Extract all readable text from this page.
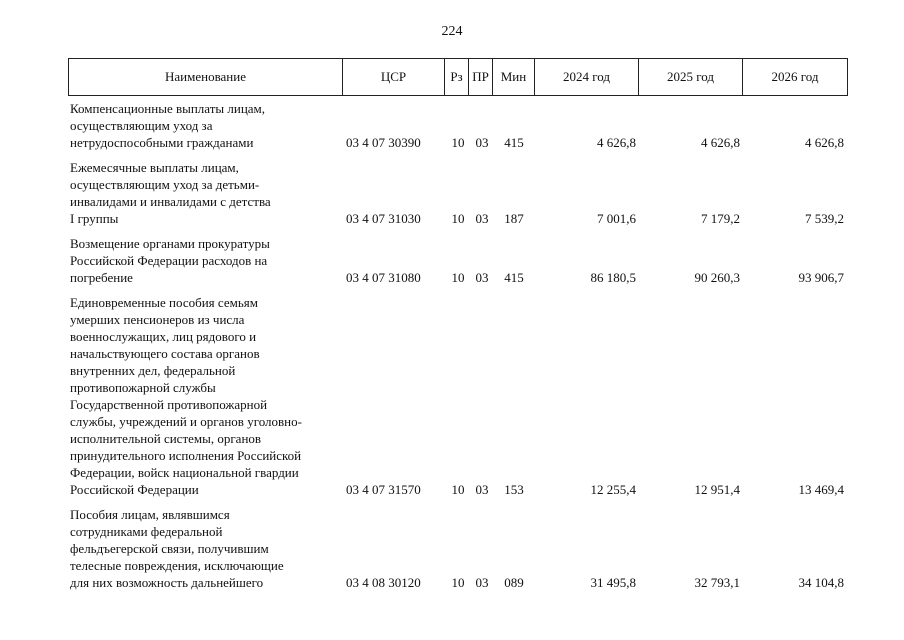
224
Наименование	ЦСР	Рз ПР Мин	2024 год	2025 год	2026 год
Компенсационные выплаты лицам,
осуществляющим уход за
нетрудоспособными гражданами	03 4 07 30390	10 03	415	4 626,8	4 626,8	4 626,8
Ежемесячные выплаты лицам,
осуществляющим уход за детьми-
инвалидами и инвалидами с детства
I группы	03 4 07 31030	10 03	187	7 001,6	7 179,2	7 539,2
Возмещение органами прокуратуры
Российской Федерации расходов на
погребение	03 4 07 31080	10 03	415	86 180,5	90 260,3	93 906,7
Единовременные пособия семьям
умерших пенсионеров из числа
военнослужащих, лиц рядового и
начальствующего состава органов
внутренних дел, федеральной
противопожарной службы
Государственной противопожарной
службы, учреждений и органов уголовно-
исполнительной системы, органов
принудительного исполнения Российской
Федерации, войск национальной гвардии
Российской Федерации	03 4 07 31570	10 03	153	12 255,4	12 951,4	13 469,4
Пособия лицам, являвшимся
сотрудниками федеральной
фельдъегерской связи, получившим
телесные повреждения, исключающие
для них возможность дальнейшего	03 4 08 30120	10 03	089	31 495,8	32 793,1	34 104,8
